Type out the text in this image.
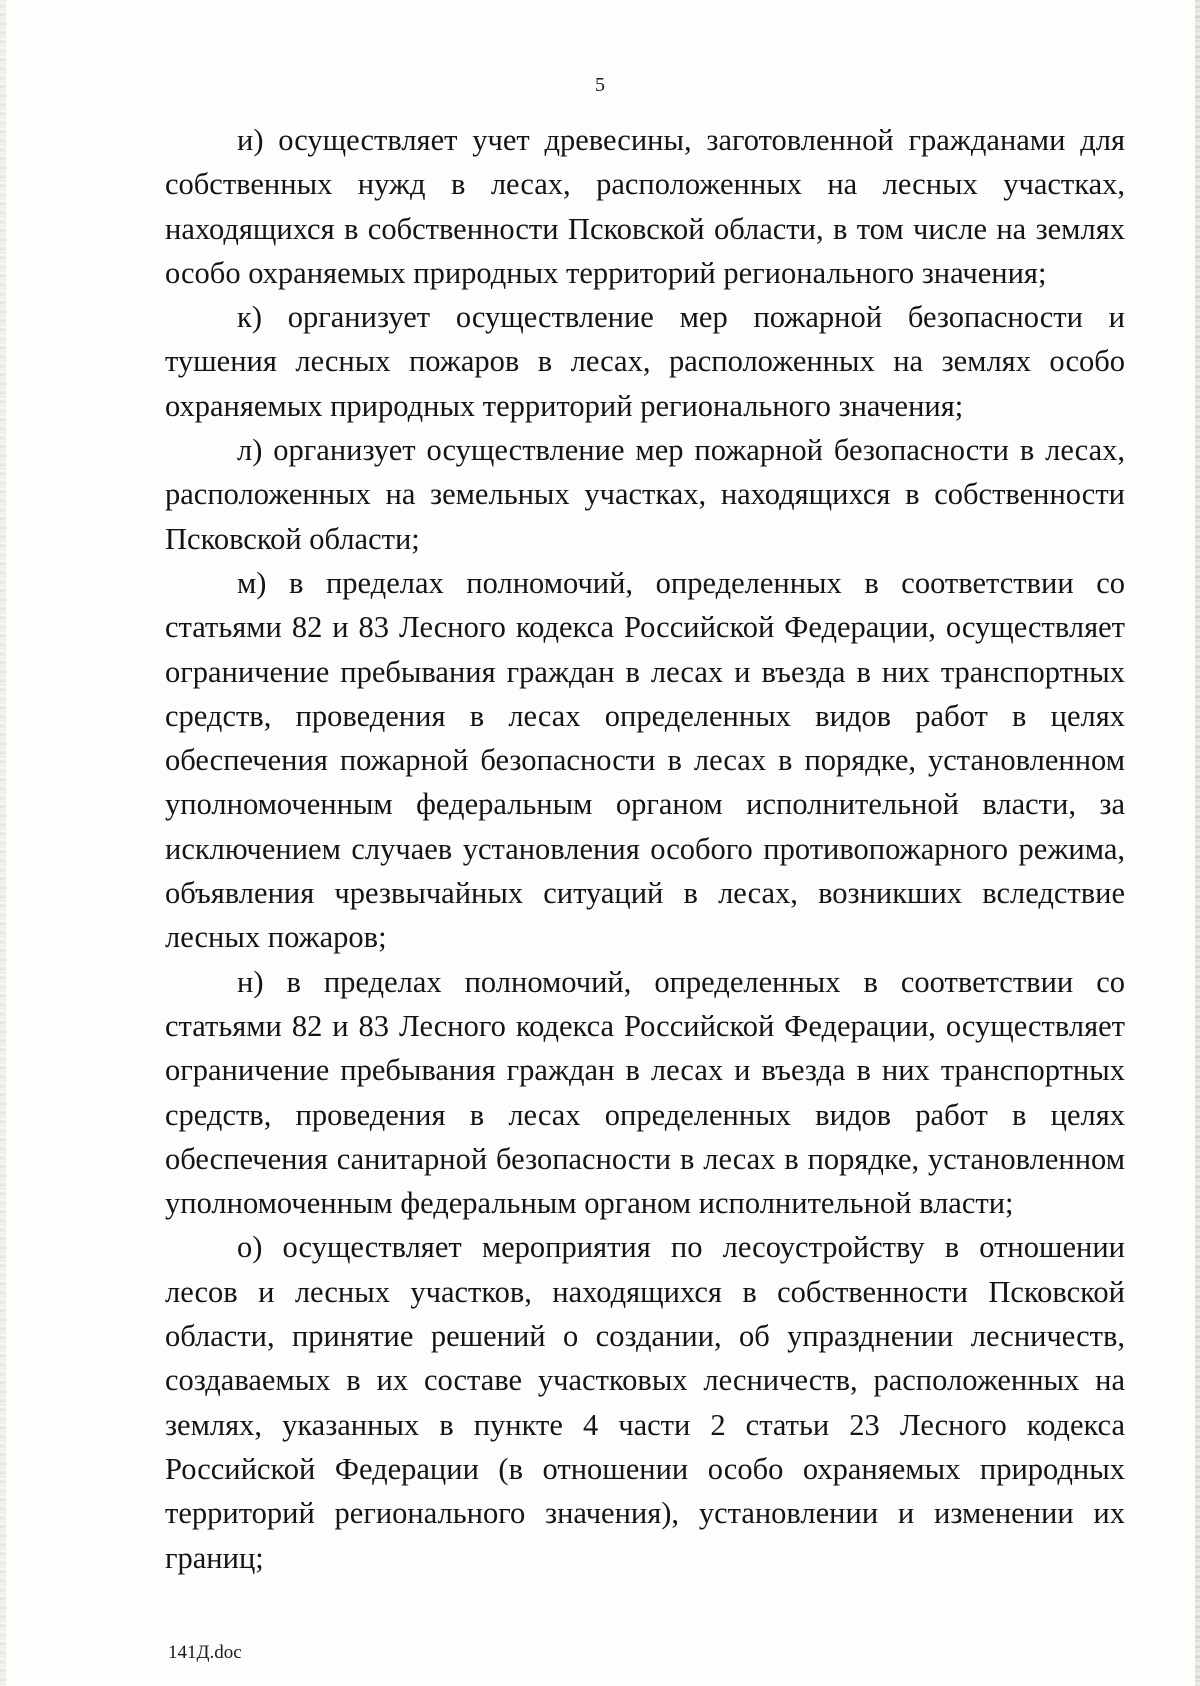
5

и) осуществляет учет древесины, заготовленной гражданами для собственных нужд в лесах, расположенных на лесных участках, находящихся в собственности Псковской области, в том числе на землях особо охраняемых природных территорий регионального значения;

к) организует осуществление мер пожарной безопасности и тушения лесных пожаров в лесах, расположенных на землях особо охраняемых природных территорий регионального значения;

л) организует осуществление мер пожарной безопасности в лесах, расположенных на земельных участках, находящихся в собственности Псковской области;

м) в пределах полномочий, определенных в соответствии со статьями 82 и 83 Лесного кодекса Российской Федерации, осуществляет ограничение пребывания граждан в лесах и въезда в них транспортных средств, проведения в лесах определенных видов работ в целях обеспечения пожарной безопасности в лесах в порядке, установленном уполномоченным федеральным органом исполнительной власти, за исключением случаев установления особого противопожарного режима, объявления чрезвычайных ситуаций в лесах, возникших вследствие лесных пожаров;

н) в пределах полномочий, определенных в соответствии со статьями 82 и 83 Лесного кодекса Российской Федерации, осуществляет ограничение пребывания граждан в лесах и въезда в них транспортных средств, проведения в лесах определенных видов работ в целях обеспечения санитарной безопасности в лесах в порядке, установленном уполномоченным федеральным органом исполнительной власти;

о) осуществляет мероприятия по лесоустройству в отношении лесов и лесных участков, находящихся в собственности Псковской области, принятие решений о создании, об упразднении лесничеств, создаваемых в их составе участковых лесничеств, расположенных на землях, указанных в пункте 4 части 2 статьи 23 Лесного кодекса Российской Федерации (в отношении особо охраняемых природных территорий регионального значения), установлении и изменении их границ;

141Д.doc
